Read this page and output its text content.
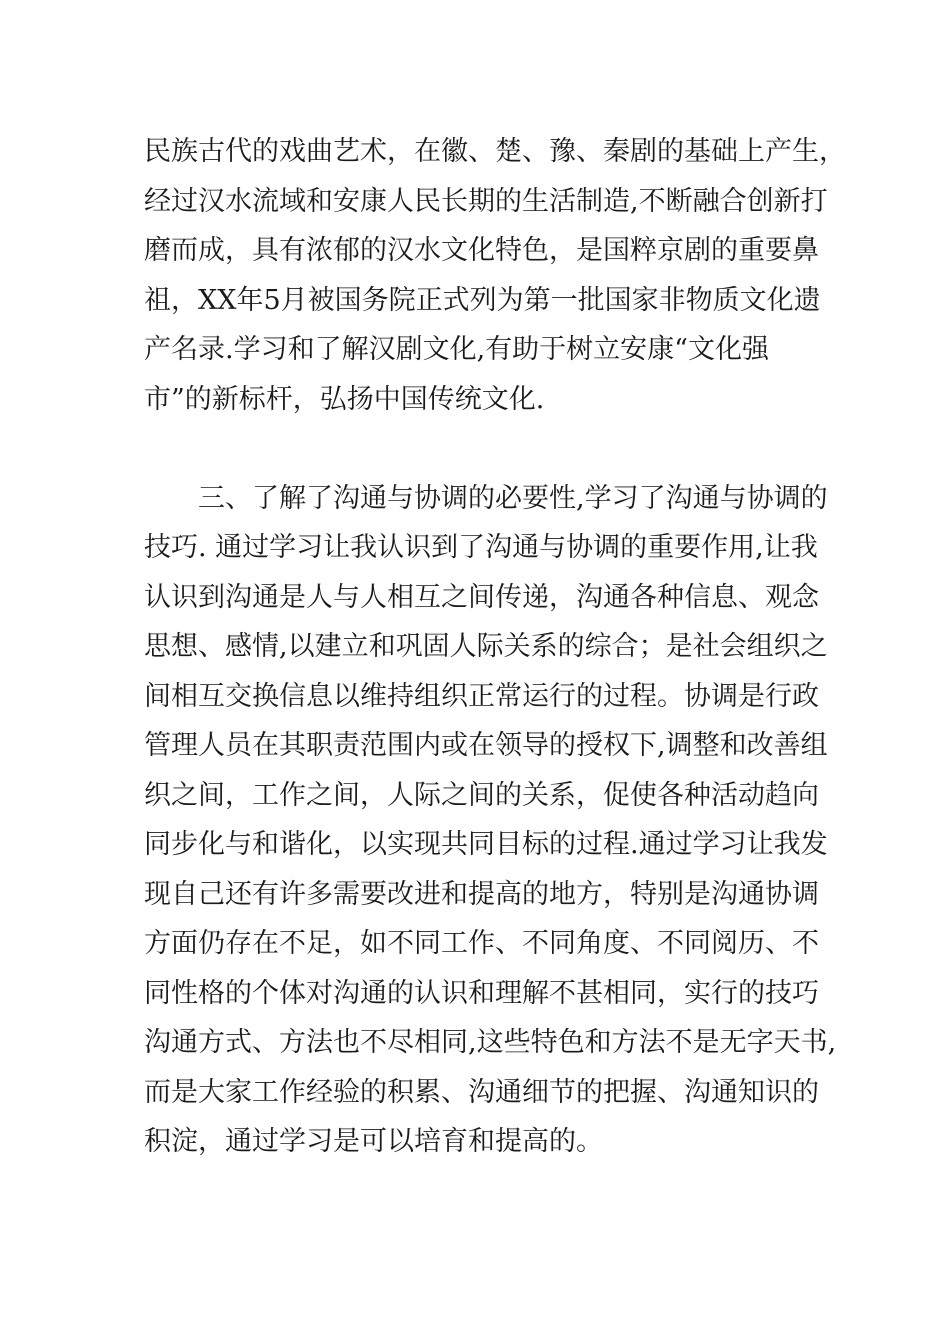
民族古代的戏曲艺术，在徽、楚、豫、秦剧的基础上产生，

经过汉水流域和安康人民长期的生活制造,不断融合创新打

磨而成，具有浓郁的汉水文化特色，是国粹京剧的重要鼻

祖，XX年5月被国务院正式列为第一批国家非物质文化遗

产名录.学习和了解汉剧文化,有助于树立安康“文化强

市”的新标杆，弘扬中国传统文化.

三、了解了沟通与协调的必要性,学习了沟通与协调的

技巧. 通过学习让我认识到了沟通与协调的重要作用,让我

认识到沟通是人与人相互之间传递，沟通各种信息、观念

思想、感情,以建立和巩固人际关系的综合；是社会组织之

间相互交换信息以维持组织正常运行的过程。协调是行政

管理人员在其职责范围内或在领导的授权下,调整和改善组

织之间，工作之间，人际之间的关系，促使各种活动趋向

同步化与和谐化，以实现共同目标的过程.通过学习让我发

现自己还有许多需要改进和提高的地方，特别是沟通协调

方面仍存在不足，如不同工作、不同角度、不同阅历、不

同性格的个体对沟通的认识和理解不甚相同，实行的技巧

沟通方式、方法也不尽相同,这些特色和方法不是无字天书,

而是大家工作经验的积累、沟通细节的把握、沟通知识的

积淀，通过学习是可以培育和提高的。
